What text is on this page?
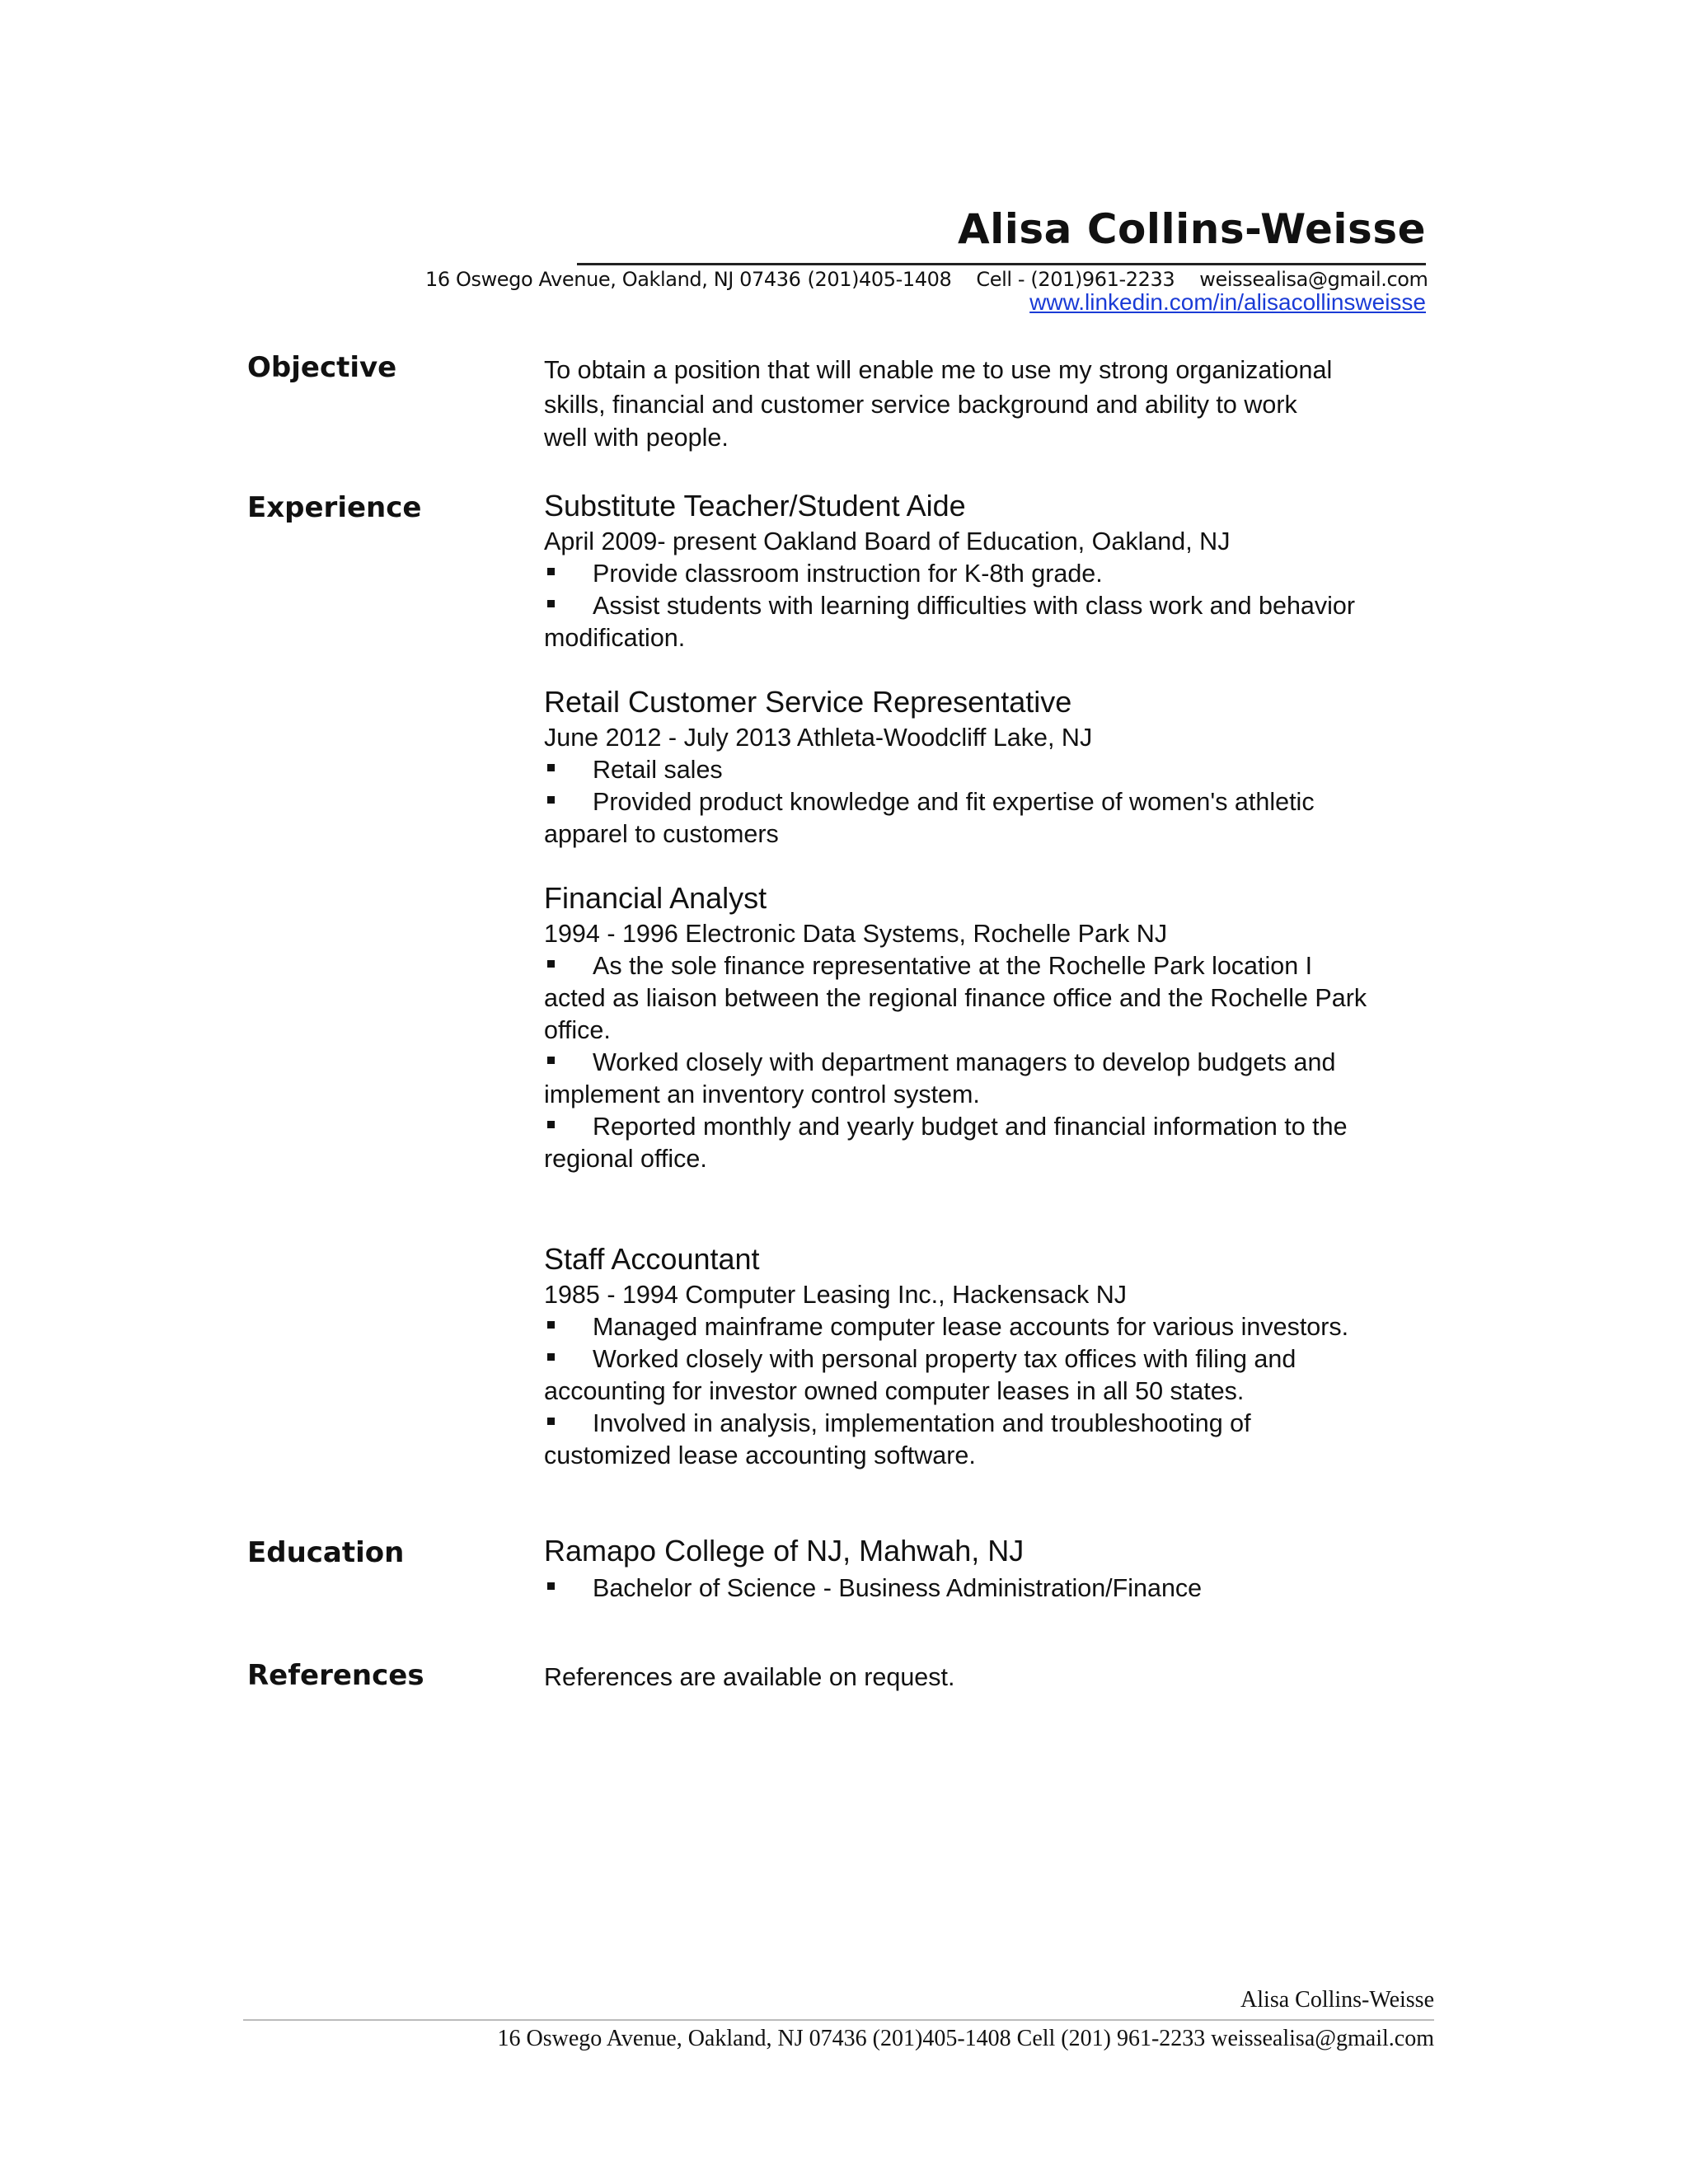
Alisa Collins-Weisse
16 Oswego Avenue, Oakland, NJ 07436 (201)405-1408 Cell - (201)961-2233 weissealisa@gmail.com
www.linkedin.com/in/alisacollinsweisse
Objective	To obtain a position that will enable me to use my strong organizational
skills, financial and customer service background and ability to work
well with people.
Experience	Substitute Teacher/Student Aide
April 2009- present Oakland Board of Education, Oakland, NJ
Provide classroom instruction for K-8th grade.
Assist students with learning difficulties with class work and behavior
modification.
Retail Customer Service Representative
June 2012 - July 2013 Athleta-Woodcliff Lake, NJ
Retail sales
Provided product knowledge and fit expertise of women's athletic
apparel to customers
Financial Analyst
1994 - 1996 Electronic Data Systems, Rochelle Park NJ
As the sole finance representative at the Rochelle Park location I
acted as liaison between the regional finance office and the Rochelle Park
office.
Worked closely with department managers to develop budgets and
implement an inventory control system.
Reported monthly and yearly budget and financial information to the
regional office.
Staff Accountant
1985 - 1994 Computer Leasing Inc., Hackensack NJ
Managed mainframe computer lease accounts for various investors.
Worked closely with personal property tax offices with filing and
accounting for investor owned computer leases in all 50 states.
Involved in analysis, implementation and troubleshooting of
customized lease accounting software.
Education	Ramapo College of NJ, Mahwah, NJ
Bachelor of Science - Business Administration/Finance
References	References are available on request.
Alisa Collins-Weisse
16 Oswego Avenue, Oakland, NJ 07436 (201)405-1408 Cell (201) 961-2233 weissealisa@gmail.com
